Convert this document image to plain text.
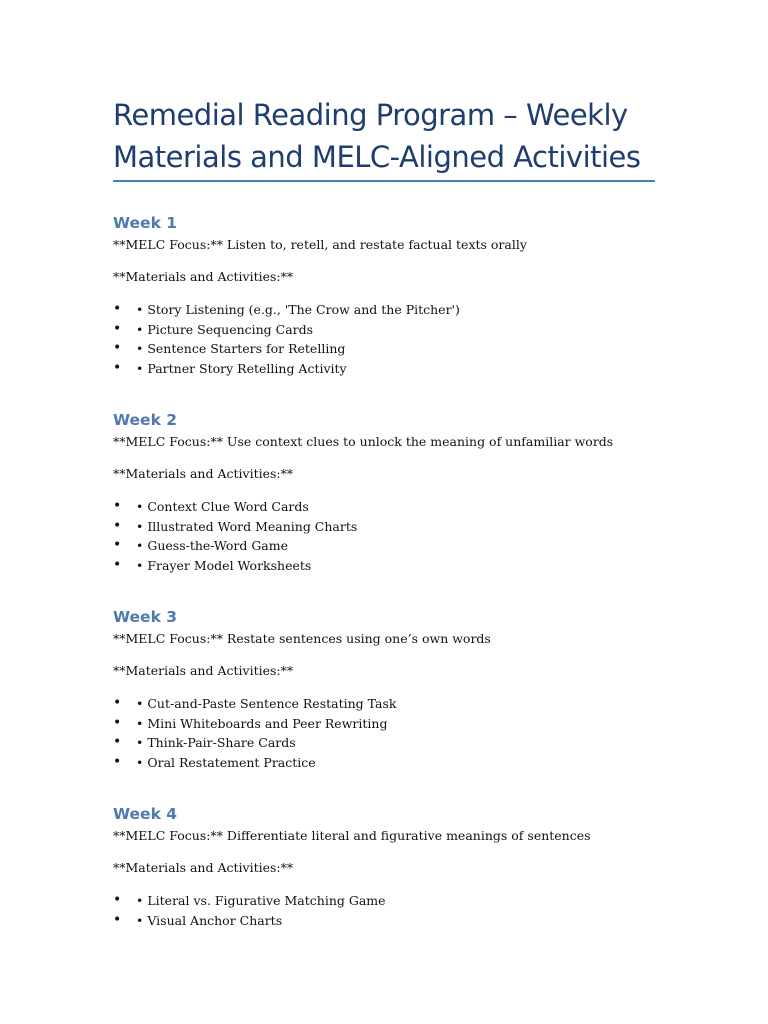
Remedial Reading Program – Weekly Materials and MELC-Aligned Activities
Week 1

**MELC Focus:** Listen to, retell, and restate factual texts orally

**Materials and Activities:**

• • Story Listening (e.g., 'The Crow and the Pitcher')
• • Picture Sequencing Cards
• • Sentence Starters for Retelling
• • Partner Story Retelling Activity
Week 2

**MELC Focus:** Use context clues to unlock the meaning of unfamiliar words

**Materials and Activities:**

• • Context Clue Word Cards
• • Illustrated Word Meaning Charts
• • Guess-the-Word Game
• • Frayer Model Worksheets
Week 3

**MELC Focus:** Restate sentences using one’s own words

**Materials and Activities:**

• • Cut-and-Paste Sentence Restating Task
• • Mini Whiteboards and Peer Rewriting
• • Think-Pair-Share Cards
• • Oral Restatement Practice
Week 4

**MELC Focus:** Differentiate literal and figurative meanings of sentences

**Materials and Activities:**

• • Literal vs. Figurative Matching Game
• • Visual Anchor Charts
